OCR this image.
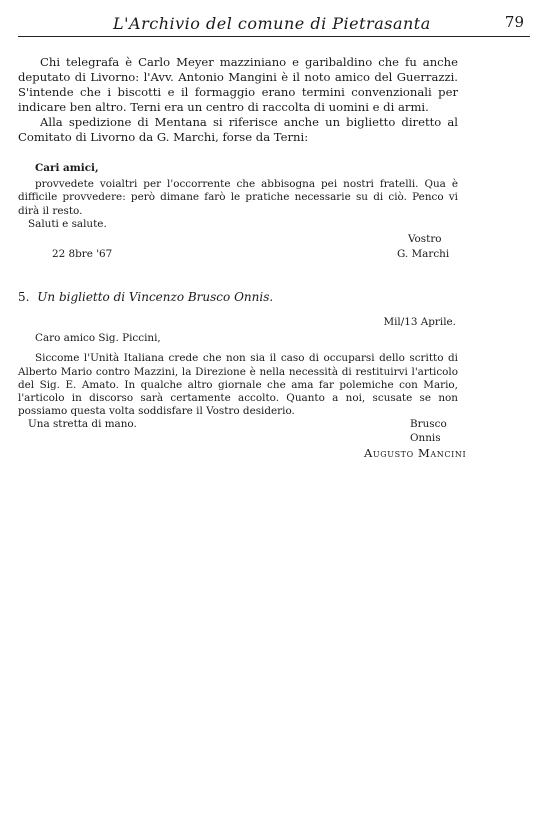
L'Archivio del comune di Pietrasanta	79

Chi telegrafa è Carlo Meyer mazziniano e garibaldino che fu anche deputato di Livorno: l'Avv. Antonio Mangini è il noto amico del Guerrazzi. S'intende che i biscotti e il formaggio erano termini convenzionali per indicare ben altro. Terni era un centro di raccolta di uomini e di armi.

Alla spedizione di Mentana si riferisce anche un biglietto diretto al Comitato di Livorno da G. Marchi, forse da Terni:

Cari amici,
provvedete voialtri per l'occorrente che abbisogna pei nostri fratelli. Qua è difficile provvedere: però dimane farò le pratiche necessarie su di ciò. Penco vi dirà il resto.
Saluti e salute.
Vostro
22 8bre '67	G. Marchi
5. Un biglietto di Vincenzo Brusco Onnis.
Mil/13 Aprile.
Caro amico Sig. Piccini,
Siccome l'Unità Italiana crede che non sia il caso di occuparsi dello scritto di Alberto Mario contro Mazzini, la Direzione è nella necessità di restituirvi l'articolo del Sig. E. Amato. In qualche altro giornale che ama far polemiche con Mario, l'articolo in discorso sarà certamente accolto. Quanto a noi, scusate se non possiamo questa volta soddisfare il Vostro desiderio.
Una stretta di mano.	Brusco Onnis
Augusto Mancini
